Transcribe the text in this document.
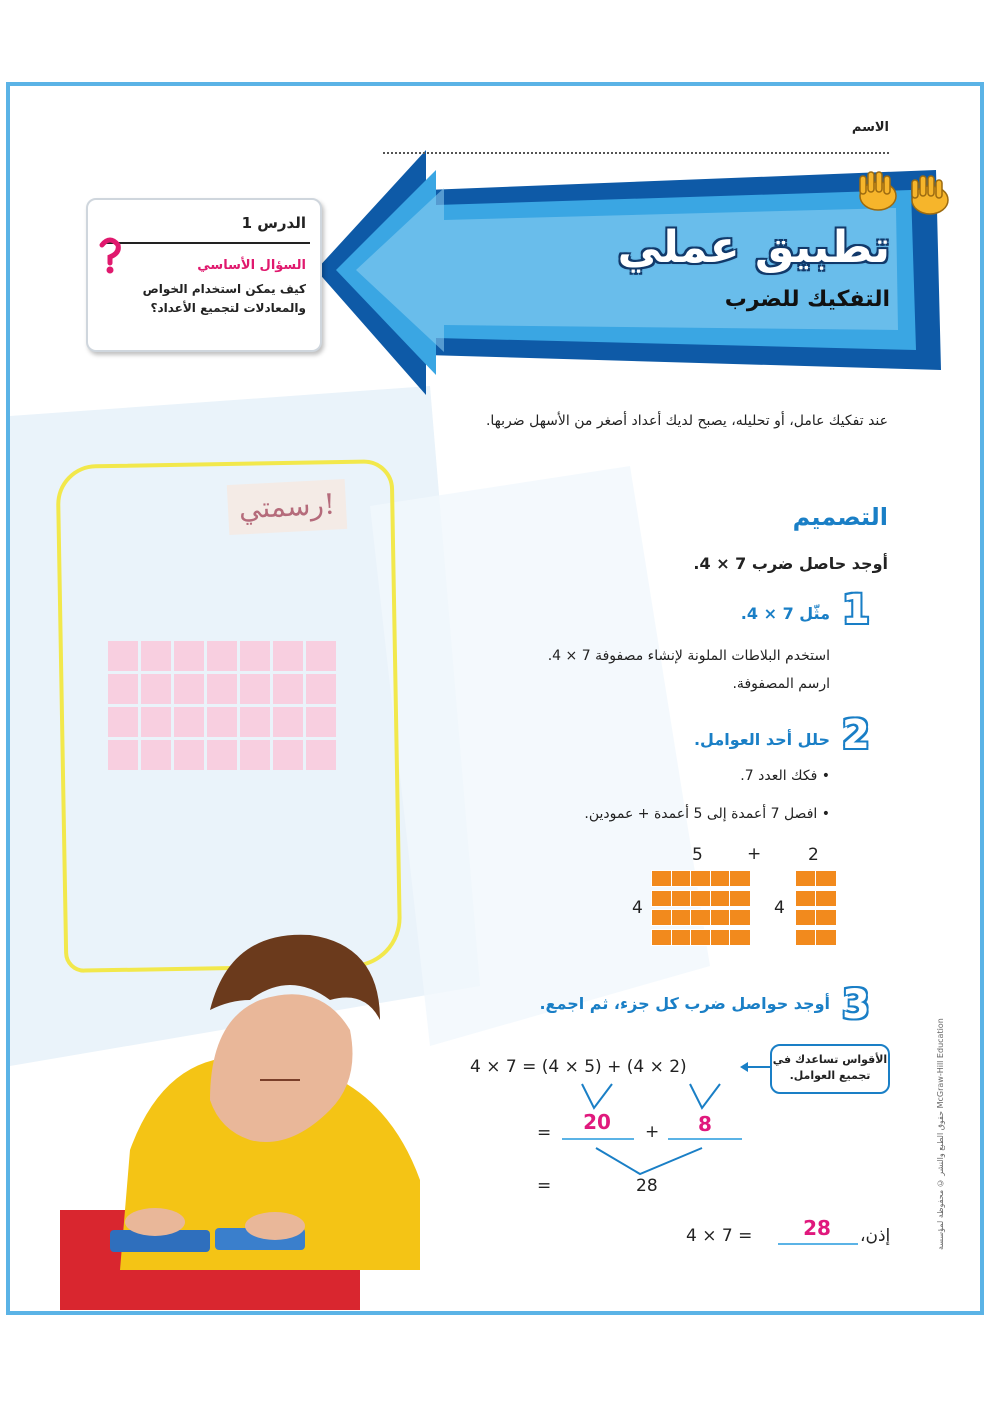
الاسم
تطبيق عملي
التفكيك للضرب
الدرس 1
السؤال الأساسي
كيف يمكن استخدام الخواص والمعادلات لتجميع الأعداد؟
عند تفكيك عامل، أو تحليله، يصبح لديك أعداد أصغر من الأسهل ضربها.
رسمتي!	التصميم
أوجد حاصل ضرب 7 × 4.
1
مثّل 7 × 4.
استخدم البلاطات الملونة لإنشاء مصفوفة 7 × 4.
ارسم المصفوفة.
2
حلل أحد العوامل.
• فكك العدد 7.
• افصل 7 أعمدة إلى 5 أعمدة + عمودين.
5	+	2
4	4
3
أوجد حواصل ضرب كل جزء، ثم اجمع.
الأقواس تساعدك في تجميع العوامل.
4 × 7 = (4 × 5) + (4 × 2)
=	20	+	8
=	28
4 × 7 =	28	إذن،	حقوق الطبع والنشر © محفوظة لمؤسسة McGraw-Hill Education
